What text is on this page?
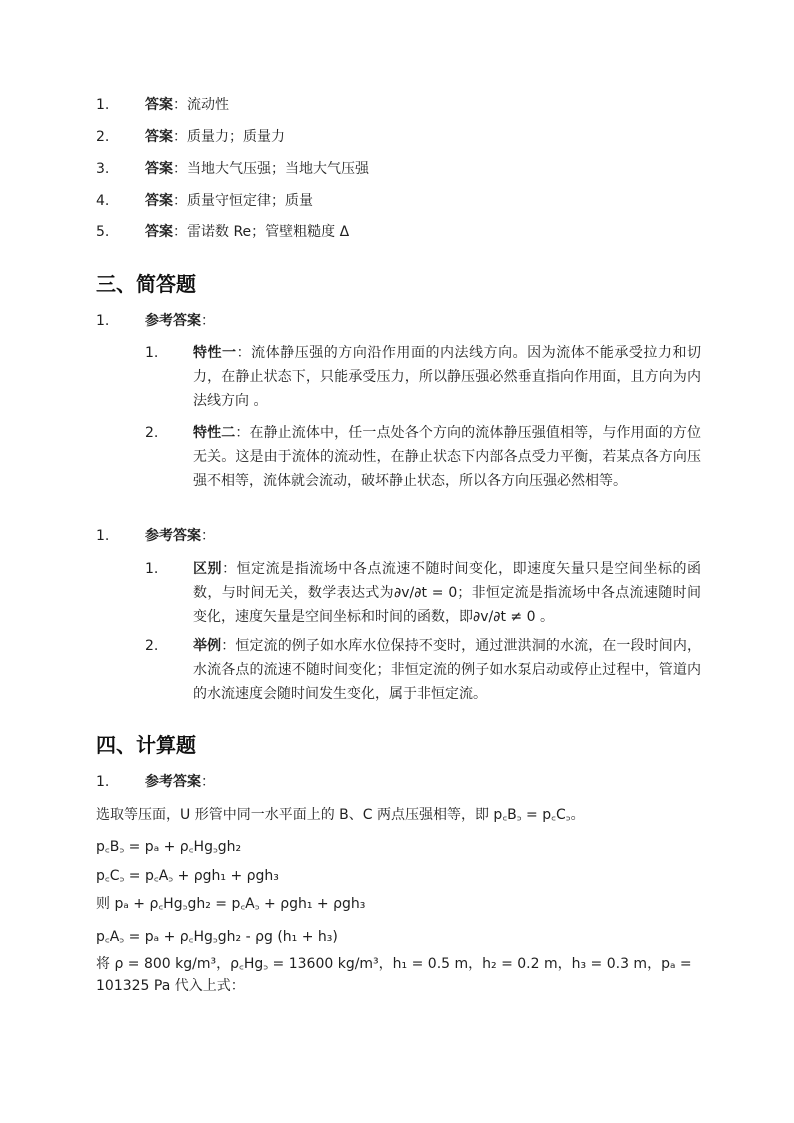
1.	答案：流动性
2.	答案：质量力；质量力
3.	答案：当地大气压强；当地大气压强
4.	答案：质量守恒定律；质量
5.	答案：雷诺数 Re；管壁粗糙度 Δ
三、简答题
1.	参考答案：
1. 特性一：流体静压强的方向沿作用面的内法线方向。因为流体不能承受拉力和切力，在静止状态下，只能承受压力，所以静压强必然垂直指向作用面，且方向为内法线方向 。
2. 特性二：在静止流体中，任一点处各个方向的流体静压强值相等，与作用面的方位无关。这是由于流体的流动性，在静止状态下内部各点受力平衡，若某点各方向压强不相等，流体就会流动，破坏静止状态，所以各方向压强必然相等。
1.	参考答案：
1. 区别：恒定流是指流场中各点流速不随时间变化，即速度矢量只是空间坐标的函数，与时间无关，数学表达式为∂v/∂t = 0；非恒定流是指流场中各点流速随时间变化，速度矢量是空间坐标和时间的函数，即∂v/∂t ≠ 0 。
2. 举例：恒定流的例子如水库水位保持不变时，通过泄洪洞的水流，在一段时间内，水流各点的流速不随时间变化；非恒定流的例子如水泵启动或停止过程中，管道内的水流速度会随时间发生变化，属于非恒定流。
四、计算题
1.	参考答案：
选取等压面，U 形管中同一水平面上的 B、C 两点压强相等，即 p꜀B꜆ = p꜀C꜆。
p꜀B꜆ = pₐ + ρ꜀Hg꜆gh₂
p꜀C꜆ = p꜀A꜆ + ρgh₁ + ρgh₃
则 pₐ + ρ꜀Hg꜆gh₂ = p꜀A꜆ + ρgh₁ + ρgh₃
p꜀A꜆ = pₐ + ρ꜀Hg꜆gh₂ - ρg (h₁ + h₃)
将 ρ = 800 kg/m³，ρ꜀Hg꜆ = 13600 kg/m³，h₁ = 0.5 m，h₂ = 0.2 m，h₃ = 0.3 m，pₐ = 101325 Pa 代入上式：
